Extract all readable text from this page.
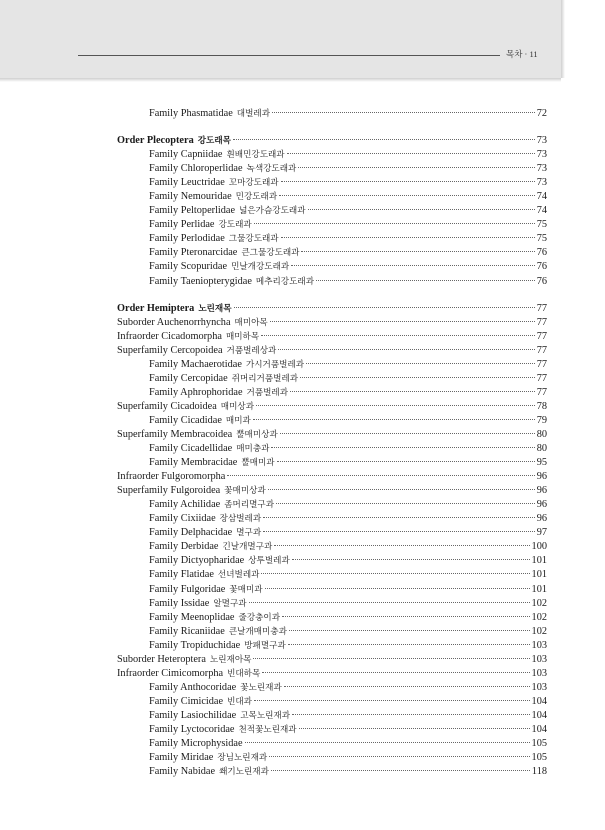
목차 · 11
Family Phasmatidae 대벌레과	72
Order Plecoptera 강도래목	73
Family Capniidae 흰배민강도래과	73
Family Chloroperlidae 녹색강도래과	73
Family Leuctridae 꼬마강도래과	73
Family Nemouridae 민강도래과	74
Family Peltoperlidae 넓은가슴강도래과	74
Family Perlidae 강도래과	75
Family Perlodidae 그물강도래과	75
Family Pteronarcidae 큰그물강도래과	76
Family Scopuridae 민날개강도래과	76
Family Taeniopterygidae 메추리강도래과	76
Order Hemiptera 노린재목	77
Suborder Auchenorrhyncha 매미아목	77
Infraorder Cicadomorpha 매미하목	77
Superfamily Cercopoidea 거품벌레상과	77
Family Machaerotidae 가시거품벌레과	77
Family Cercopidae 쥐머리거품벌레과	77
Family Aphrophoridae 거품벌레과	77
Superfamily Cicadoidea 매미상과	78
Family Cicadidae 매미과	79
Superfamily Membracoidea 뿔매미상과	80
Family Cicadellidae 매미충과	80
Family Membracidae 뿔매미과	95
Infraorder Fulgoromorpha	96
Superfamily Fulgoroidea 꽃매미상과	96
Family Achilidae 좀머리멸구과	96
Family Cixiidae 장삼벌레과	96
Family Delphacidae 멸구과	97
Family Derbidae 긴날개멸구과	100
Family Dictyopharidae 상투벌레과	101
Family Flatidae 선녀벌레과	101
Family Fulgoridae 꽃매미과	101
Family Issidae 알멸구과	102
Family Meenoplidae 줄강충이과	102
Family Ricaniidae 큰날개매미충과	102
Family Tropiduchidae 방패멸구과	103
Suborder Heteroptera 노린재아목	103
Infraorder Cimicomorpha 빈대하목	103
Family Anthocoridae 꽃노린재과	103
Family Cimicidae 빈대과	104
Family Lasiochilidae 고목노린재과	104
Family Lyctocoridae 천적꽃노린재과	104
Family Microphysidae	105
Family Miridae 장님노린재과	105
Family Nabidae 쐐기노린재과	118
